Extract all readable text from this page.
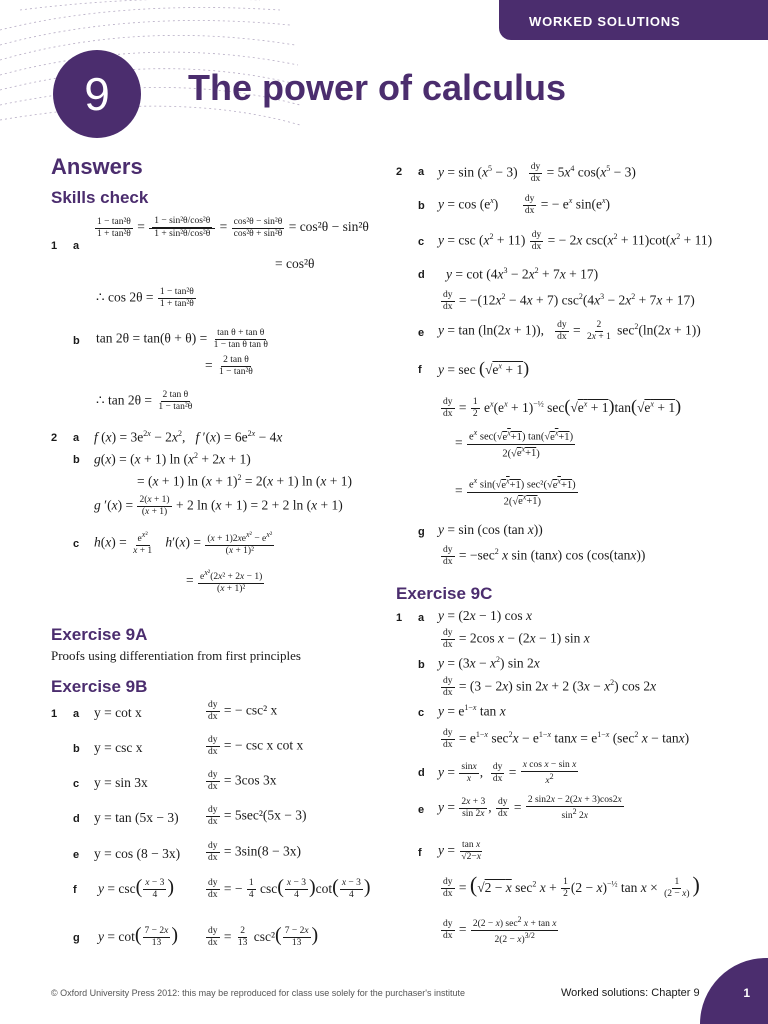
WORKED SOLUTIONS
9	The power of calculus
Answers
Skills check
1 a
$\frac{\text{1 − tan²θ}}{\text{1 + tan²θ}} = \frac{\text{1 − sin²θ/cos²θ}}{\text{1 + sin²θ/cos²θ}} = \frac{\text{cos²θ − sin²θ}}{\text{cos²θ + sin²θ}} = \cos^2\theta - \sin^2\theta$
= cos²θ
∴ $\cos 2\theta = \frac{\text{1 − tan²θ}}{\text{1 + tan²θ}}$
b $\tan 2\theta = \tan(\theta + \theta) = \frac{\text{tan θ + tan θ}}{\text{1 − tan θ tan θ}}$
= $\frac{\text{2 tan θ}}{\text{1 − tan²θ}}$
∴ $\tan 2\theta = \frac{\text{2 tan θ}}{\text{1 − tan²θ}}$
2 a f $(x) = 3e^{2x} - 2x^2$,   f $'(x) = 6e^{2x} - 4x$
b g(x) = (x + 1) $\ln (x^2 + 2x + 1)$
= (x + 1) $\ln (x + 1)^2 = 2(x + 1)$ ln (x + 1)
g $'(x) = \frac{2(x + 1)}{(x + 1)} + 2$ ln (x + 1) = 2 + 2 ln (x + 1)
c $h(x) = \frac{e^{x^2}}{x + 1} h'(x) = (x + 1)2xe^{x^2} - e^{x^2}$
(x + 1)²
= $\frac{e^{x^2}(2x^2 + 2x - 1)}{\text{(x + 1)²}}$
Exercise 9A
Proofs using differentiation from first principles
Exercise 9B
1 a y = cot x	$\frac{dy}{dx}$ = − csc² x
b y = csc x	$\frac{dy}{dx}$ = − csc x cot x
c y = sin 3x	$\frac{dy}{dx} = 3\cos$ 3x
d y = tan (5x − 3)	$\frac{dy}{dx} = 5\sec^2(5x - 3)$
e y = cos (8 − 3x)	$\frac{dy}{dx} = 3\sin(8 - 3x)$
f $y = \csc( \frac{x - 3}{4}$ )	$\frac{dy}{dx}$ = − $\frac{1}{4} \csc( \frac{x - 3}{4} )\cot( \frac{x - 3}{4}$ )
g $y = \cot( \frac{7 - 2x}{13}$ )	$\frac{dy}{dx} = \frac{2}{13} \csc^2( \frac{7 - 2x}{13}$ )
2 a $y = \sin (x^5 - 3) \frac{dy}{dx} = 5x^4$ $\cos(x^5 - 3)$
b $y = \cos (e^x) \frac{dy}{dx}$ = − $e^x$ $\sin(e^x)$
c $y = \csc (x^2 + 11) \frac{dy}{dx}$ = − 2x $\csc(x^2 + 11)\cot(x^2 + 11)$
d $y = \cot (4x^3 - 2x^2 + 7x + 17)$
$\frac{dy}{dx} = -(12x^2 - 4x + 7) \csc^2(4x^3 - 2x^2 + 7x + 17)$
e y = tan (ln(2x + 1)), $\frac{dy}{dx} = \frac{2}{2x + 1} \sec^2(\ln(2x + 1))$
f $y = \sec (√e^x + 1)$
$\frac{dy}{dx} = \frac{1}{2} e^x(e^x + 1)^{-\frac{1}{2}}$ $\sec(√e^x + 1)\tan(√e^x + 1)$
= $e^x$ $\sec(√e^x+1)$ $\tan(√e^x+1)$
$2(√e^x+1)$
= $e^x$ $\sin(√e^x+1)$ $\sec^2(√e^x+1)$
$2(√e^x+1)$
g y = sin (cos (tan x))
$\frac{dy}{dx} = -\sec^2$ x sin (tanx) cos (cos(tanx))
Exercise 9C
1 a y = (2x − 1) cos x
$\frac{dy}{dx} = 2\cos$ x − (2x − 1) sin x
b $y = (3x - x^2)$ sin 2x
$\frac{dy}{dx} = (3 - 2x)$ sin 2x + 2 $(3x - x^2)$ cos 2x
c $y = e^{1-x}$ tan x
$\frac{dy}{dx} = e^{1-x}$ $\sec^2x - e^{1-x}$ $\tan x = e^{1-x}$ ($\sec^2$ x − tanx)
d $y = \frac{\sin x}{x}$ , $\frac{dy}{dx} = \frac{\text{x cos x − sin x}}{x^2}$
e $y = \frac{2x + 3}{\sin 2x}$ , $\frac{dy}{dx} = \frac{2 \sin 2x - 2(2x + 3)\cos 2x}{\sin^2 2x}$
f $y = \frac{\text{tan x}}{√2-x}$
$\frac{dy}{dx} = (√2 - x$ $\sec^2 x + \frac{1}{2} (2 - x)^{-\frac{1}{2}}$ $\tan x \times \frac{1}{(2 - x)}$ )
$\frac{dy}{dx} = 2(2 - x)$ $\sec^2 x + \tan x$
$2(2 - x)^{3/2}$
© Oxford University Press 2012: this may be reproduced for class use solely for the purchaser's institute	Worked solutions: Chapter 9	1
